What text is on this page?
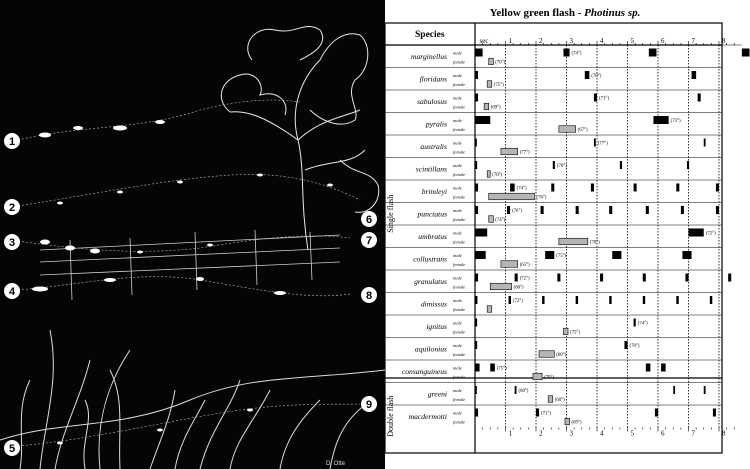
1
2
3
4
5
6
7
8
9
D. Otte
Yellow green flash - Photinus sp.
Species
1
1
2
2
3
3
4
4
5
5
6
6
7
7
8
8
sec
marginellus male
female
(74°)
(70°)
floridans male
female
(70°)
(75°)
sabulosus male
female
(71°)
(69°)
pyralis male
female
(73°)
(67°)
australis male
female
(77°)
(77°)
scintillans male
female
(70°)
(70°)
brimleyi male
female
(74°)
(76°)
punctatus male
female
(76°)
(74°)
umbratus male
female
(72°)
(70°)
collustrans male
female
(75°)
(65°)
granulatus male
female
(72°)
(60°)
dimissus male
female
(72°)
ignitus male
female
(74°)
(75°)
aquilonius male
female
(70°)
(60°)
consanguineus male
female
(75°)
(70°)
greeni male
female
(80°)
(60°)
macdermotti male
female
(71°)
(69°)
Single flash
Double flash
